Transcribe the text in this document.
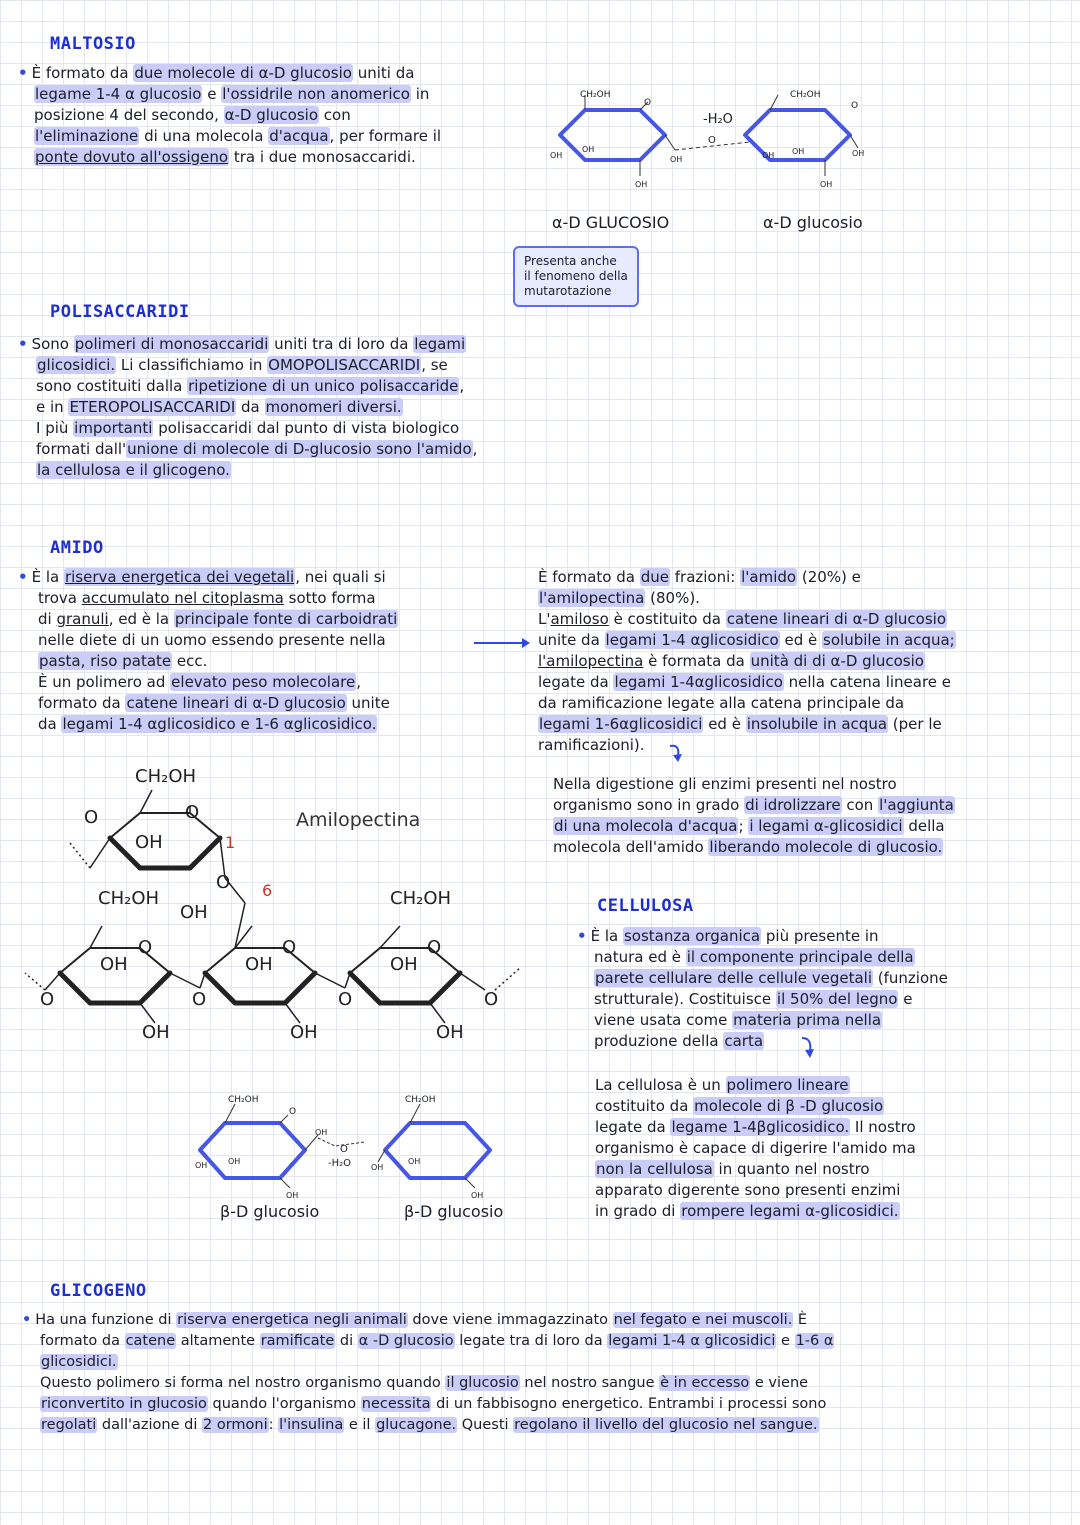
MALTOSIO
• È formato da due molecole di α-D glucosio uniti da
legame 1-4 α glucosio e l'ossidrile non anomerico in
posizione 4 del secondo, α-D glucosio con
l'eliminazione di una molecola d'acqua, per formare il
ponte dovuto all'ossigeno tra i due monosaccaridi.
CH₂OH	CH₂OH
O	O
OH
OH
OH
OH	OH OH	OH
OH
-H₂O
O
α-D GLUCOSIO	α-D glucosio
Presenta anche
il fenomeno della
mutarotazione
POLISACCARIDI
• Sono polimeri di monosaccaridi uniti tra di loro da legami
glicosidici. Li classifichiamo in OMOPOLISACCARIDI, se
sono costituiti dalla ripetizione di un unico polisaccaride,
e in ETEROPOLISACCARIDI da monomeri diversi.
I più importanti polisaccaridi dal punto di vista biologico
formati dall'unione di molecole di D-glucosio sono l'amido,
la cellulosa e il glicogeno.
AMIDO
• È la riserva energetica dei vegetali, nei quali si
trova accumulato nel citoplasma sotto forma
di granuli, ed è la principale fonte di carboidrati
nelle diete di un uomo essendo presente nella
pasta, riso patate ecc.
È un polimero ad elevato peso molecolare,
formato da catene lineari di α-D glucosio unite
da legami 1-4 αglicosidico e 1-6 αglicosidico.
È formato da due frazioni: l'amido (20%) e
l'amilopectina (80%).
L'amiloso è costituito da catene lineari di α-D glucosio
unite da legami 1-4 αglicosidico ed è solubile in acqua;
l'amilopectina è formata da unità di di α-D glucosio
legate da legami 1-4αglicosidico nella catena lineare e
da ramificazione legate alla catena principale da
legami 1-6αglicosidici ed è insolubile in acqua (per le
ramificazioni).
Nella digestione gli enzimi presenti nel nostro
organismo sono in grado di idrolizzare con l'aggiunta
di una molecola d'acqua; i legami α-glicosidici della
molecola dell'amido liberando molecole di glucosio.
CH₂OH
O
OH	1
O
OH
6
O
CH₂OH
O
OH
OH
O
O
O
OH
OH
O
CH₂OH
O
OH
OH
O
Amilopectina
CELLULOSA
• È la sostanza organica più presente in
natura ed è il componente principale della
parete cellulare delle cellule vegetali (funzione
strutturale). Costituisce il 50% del legno e
viene usata come materia prima nella
produzione della carta
La cellulosa è un polimero lineare
costituito da molecole di β -D glucosio
legate da legame 1-4βglicosidico. Il nostro
organismo è capace di digerire l'amido ma
non la cellulosa in quanto nel nostro
apparato digerente sono presenti enzimi
in grado di rompere legami α-glicosidici.
CH₂OH	CH₂OH
O
OH	OH
OH
OH
O
-H₂O OH
OH
OH
β-D glucosio	β-D glucosio
GLICOGENO
• Ha una funzione di riserva energetica negli animali dove viene immagazzinato nel fegato e nei muscoli. È
formato da catene altamente ramificate di α -D glucosio legate tra di loro da legami 1-4 α glicosidici e 1-6 α
glicosidici.
Questo polimero si forma nel nostro organismo quando il glucosio nel nostro sangue è in eccesso e viene
riconvertito in glucosio quando l'organismo necessita di un fabbisogno energetico. Entrambi i processi sono
regolati dall'azione di 2 ormoni: l'insulina e il glucagone. Questi regolano il livello del glucosio nel sangue.
